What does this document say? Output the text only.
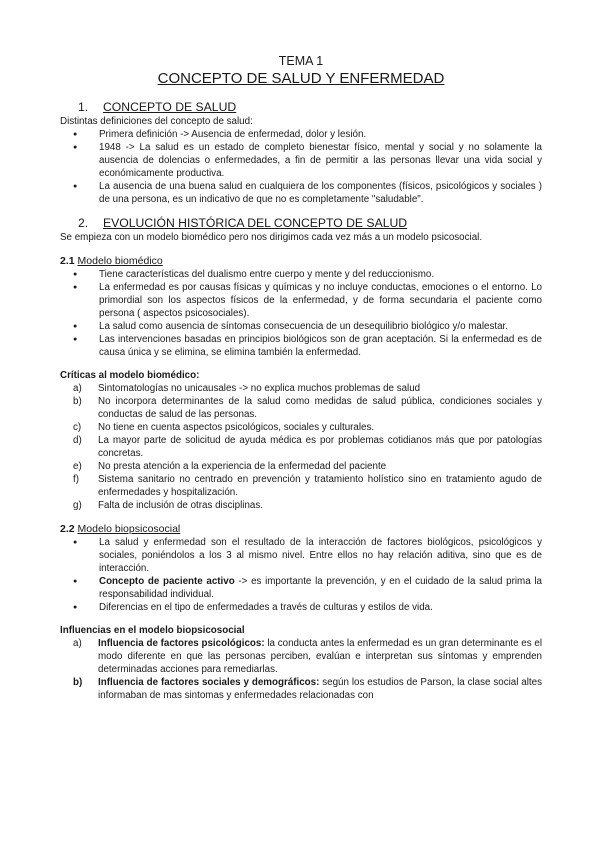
TEMA 1
CONCEPTO DE SALUD Y ENFERMEDAD
1.	CONCEPTO DE SALUD

Distintas definiciones del concepto de salud:

● Primera definición -> Ausencia de enfermedad, dolor y lesión.
● 1948 -> La salud es un estado de completo bienestar físico, mental y social y no solamente la ausencia de dolencias o enfermedades, a fin de permitir a las personas llevar una vida social y económicamente productiva.
● La ausencia de una buena salud en cualquiera de los componentes (físicos, psicológicos y sociales ) de una persona, es un indicativo de que no es completamente "saludable".
2.	EVOLUCIÓN HISTÓRICA DEL CONCEPTO DE SALUD

Se empieza con un modelo biomédico pero nos dirigimos cada vez más a un modelo psicosocial.

2.1 Modelo biomédico
● Tiene características del dualismo entre cuerpo y mente y del reduccionismo.
● La enfermedad es por causas físicas y químicas y no incluye conductas, emociones o el entorno. Lo primordial son los aspectos físicos de la enfermedad, y de forma secundaria el paciente como persona ( aspectos psicosociales).
● La salud como ausencia de síntomas consecuencia de un desequilibrio biológico y/o malestar.
● Las intervenciones basadas en principios biológicos son de gran aceptación. Si la enfermedad es de causa única y se elimina, se elimina también la enfermedad.

Críticas al modelo biomédico:

a) Sintomatologías no unicausales -> no explica muchos problemas de salud
b) No incorpora determinantes de la salud como medidas de salud pública, condiciones sociales y conductas de salud de las personas.
c) No tiene en cuenta aspectos psicológicos, sociales y culturales.
d) La mayor parte de solicitud de ayuda médica es por problemas cotidianos más que por patologías concretas.
e) No presta atención a la experiencia de la enfermedad del paciente
f) Sistema sanitario no centrado en prevención y tratamiento holístico sino en tratamiento agudo de enfermedades y hospitalización.
g) Falta de inclusión de otras disciplinas.
2.2 Modelo biopsicosocial
● La salud y enfermedad son el resultado de la interacción de factores biológicos, psicológicos y sociales, poniéndolos a los 3 al mismo nivel. Entre ellos no hay relación aditiva, sino que es de interacción.
● Concepto de paciente activo -> es importante la prevención, y en el cuidado de la salud prima la responsabilidad individual.
● Diferencias en el tipo de enfermedades a través de culturas y estilos de vida.

Influencias en el modelo biopsicosocial

a) Influencia de factores psicológicos: la conducta antes la enfermedad es un gran determinante es el modo diferente en que las personas perciben, evalúan e interpretan sus síntomas y emprenden determinadas acciones para remediarlas.
b) Influencia de factores sociales y demográficos: según los estudios de Parson, la clase social altes informaban de mas sintomas y enfermedades relacionadas con
